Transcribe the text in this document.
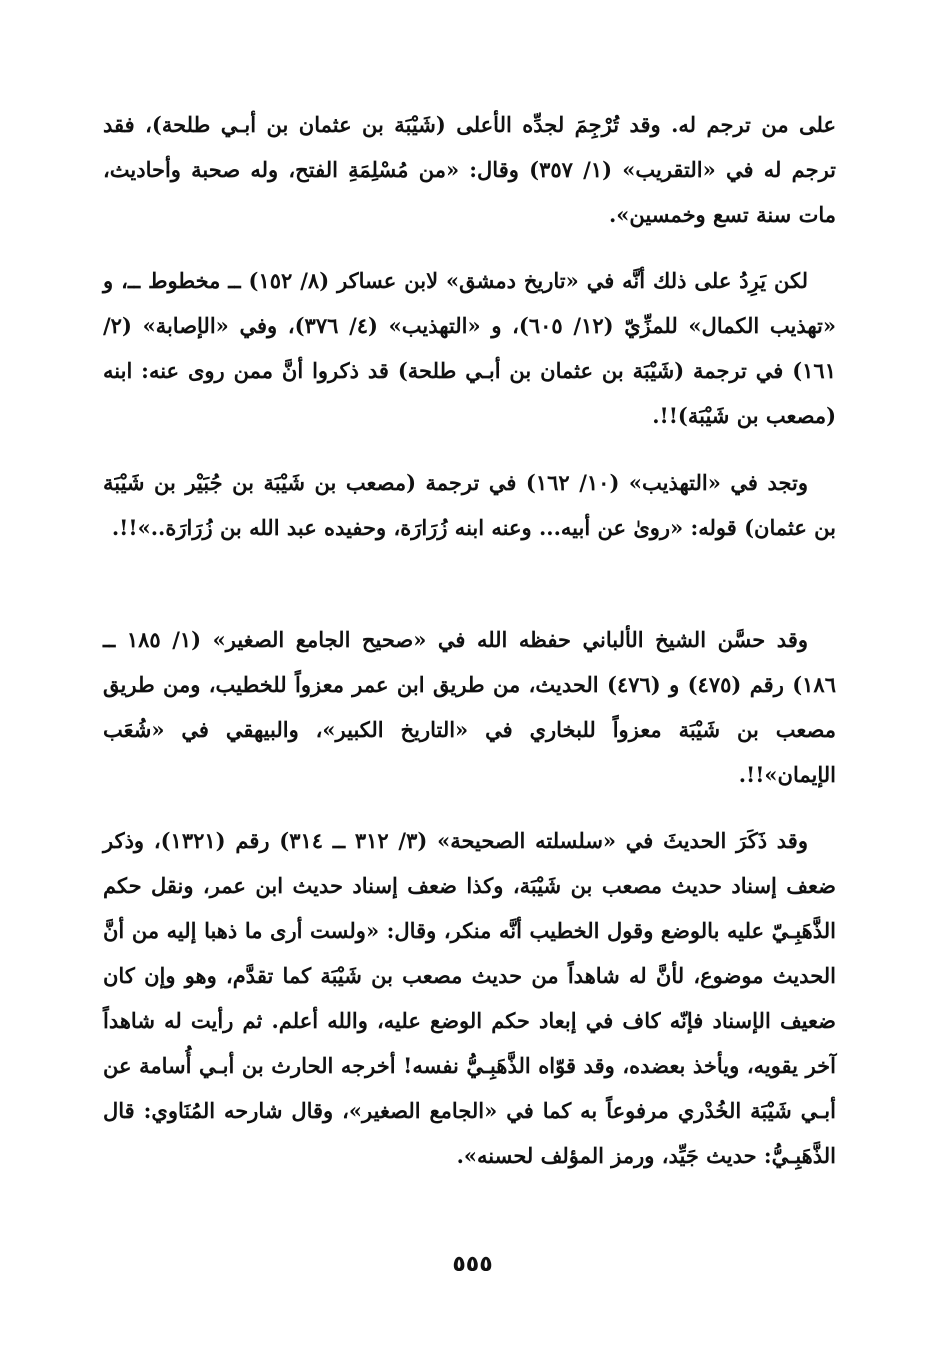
على من ترجم له. وقد تُرْجِمَ لجدِّه الأعلى (شَيْبَة بن عثمان بن أبـي طلحة)، فقد ترجم له في «التقريب» (١/ ٣٥٧) وقال: «من مُسْلِمَةِ الفتح، وله صحبة وأحاديث، مات سنة تسع وخمسين».

لكن يَرِدُ على ذلك أنَّه في «تاريخ دمشق» لابن عساكر (٨/ ١٥٢) ــ مخطوط ــ، و «تهذيب الكمال» للمزِّيّ (١٢/ ٦٠٥)، و «التهذيب» (٤/ ٣٧٦)، وفي «الإصابة» (٢/ ١٦١) في ترجمة (شَيْبَة بن عثمان بن أبـي طلحة) قد ذكروا أنَّ ممن روى عنه: ابنه (مصعب بن شَيْبَة)!!.

وتجد في «التهذيب» (١٠/ ١٦٢) في ترجمة (مصعب بن شَيْبَة بن جُبَيْر بن شَيْبَة بن عثمان) قوله: «روىٰ عن أبيه... وعنه ابنه زُرَارَة، وحفيده عبد الله بن زُرَارَة..»!!.

وقد حسَّن الشيخ الألباني حفظه الله في «صحيح الجامع الصغير» (١/ ١٨٥ ــ ١٨٦) رقم (٤٧٥) و (٤٧٦) الحديث، من طريق ابن عمر معزواً للخطيب، ومن طريق مصعب بن شَيْبَة معزواً للبخاري في «التاريخ الكبير»، والبيهقي في «شُعَب الإيمان»!!.

وقد ذَكَرَ الحديثَ في «سلسلته الصحيحة» (٣/ ٣١٢ ــ ٣١٤) رقم (١٣٢١)، وذكر ضعف إسناد حديث مصعب بن شَيْبَة، وكذا ضعف إسناد حديث ابن عمر، ونقل حكم الذَّهَبِـيّ عليه بالوضع وقول الخطيب أنَّه منكر، وقال: «ولست أرى ما ذهبا إليه من أنَّ الحديث موضوع، لأنَّ له شاهداً من حديث مصعب بن شَيْبَة كما تقدَّم، وهو وإن كان ضعيف الإسناد فإنّه كاف في إبعاد حكم الوضع عليه، والله أعلم. ثم رأيت له شاهداً آخر يقويه، ويأخذ بعضده، وقد قوّاه الذَّهَبِـيُّ نفسه! أخرجه الحارث بن أبـي أُسامة عن أبـي شَيْبَة الخُدْري مرفوعاً به كما في «الجامع الصغير»، وقال شارحه المُنَاوي: قال الذَّهَبِـيُّ: حديث جَيِّد، ورمز المؤلف لحسنه».

٥٥٥
